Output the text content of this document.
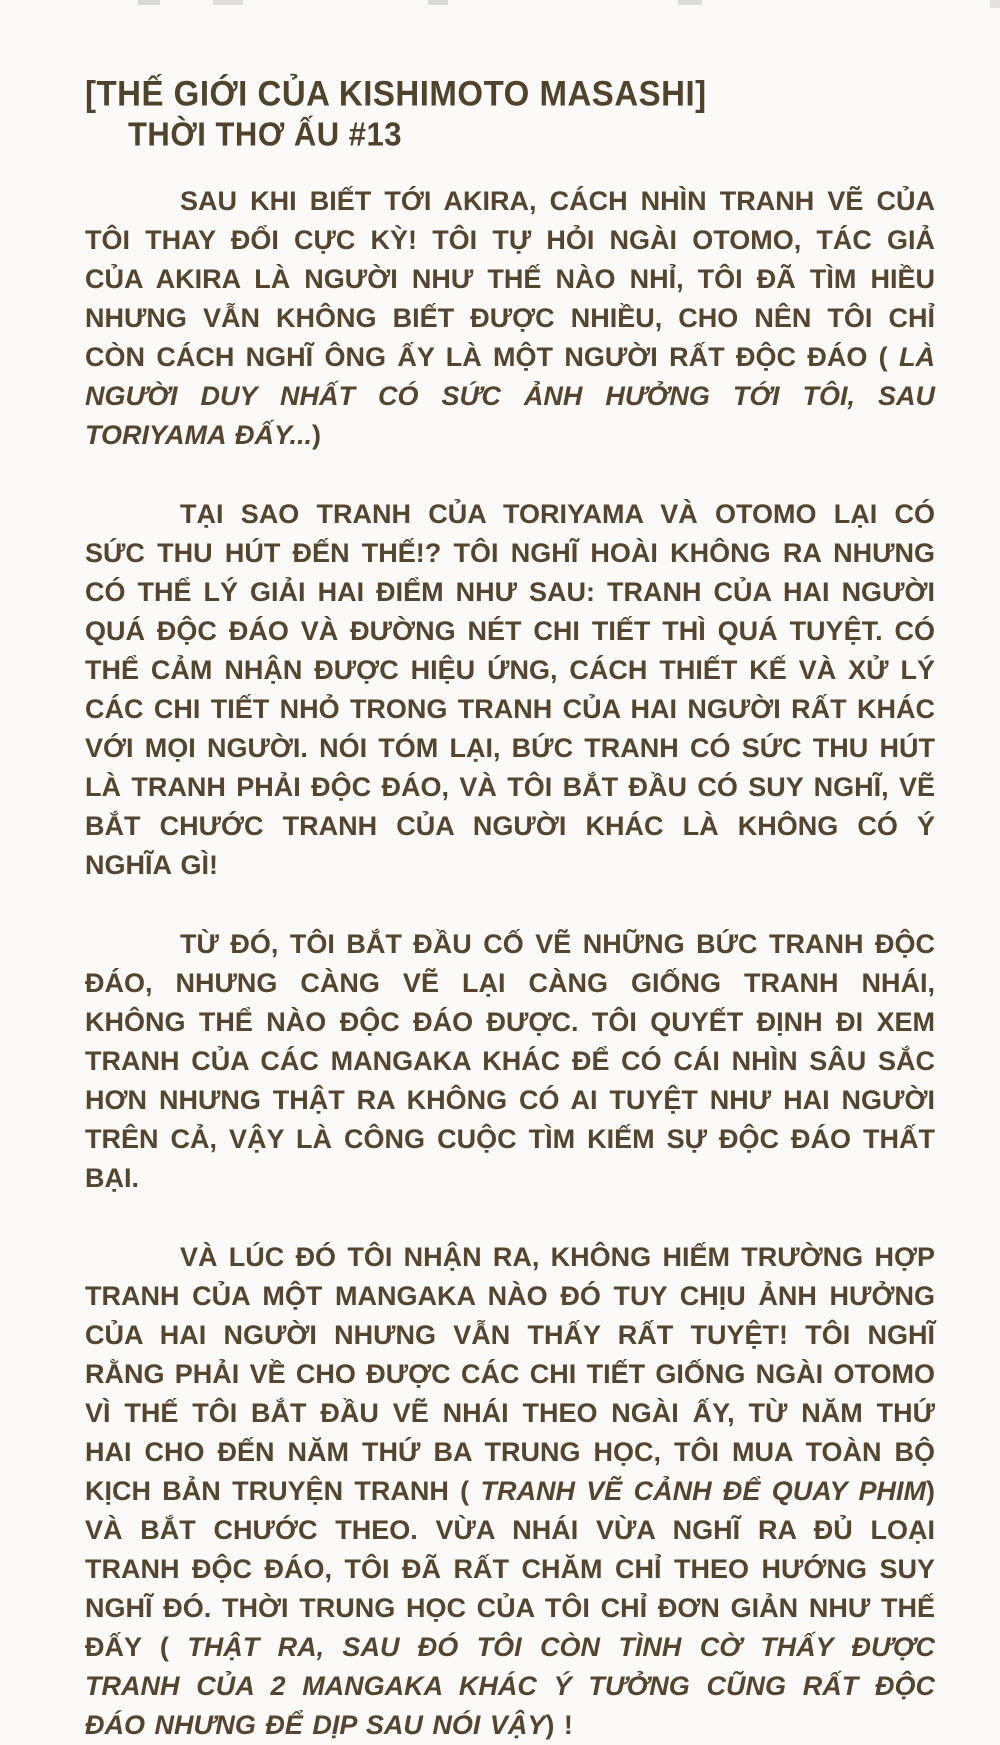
[THẾ GIỚI CỦA KISHIMOTO MASASHI]
THỜI THƠ ẤU #13

SAU KHI BIẾT TỚI AKIRA, CÁCH NHÌN TRANH VẼ CỦA TÔI THAY ĐỔI CỰC KỲ! TÔI TỰ HỎI NGÀI OTOMO, TÁC GIẢ CỦA AKIRA LÀ NGƯỜI NHƯ THẾ NÀO NHỈ, TÔI ĐÃ TÌM HIỀU NHƯNG VẪN KHÔNG BIẾT ĐƯỢC NHIỀU, CHO NÊN TÔI CHỈ CÒN CÁCH NGHĨ ÔNG ẤY LÀ MỘT NGƯỜI RẤT ĐỘC ĐÁO ( LÀ NGƯỜI DUY NHẤT CÓ SỨC ẢNH HƯỞNG TỚI TÔI, SAU TORIYAMA ĐẤY...)

TẠI SAO TRANH CỦA TORIYAMA VÀ OTOMO LẠI CÓ SỨC THU HÚT ĐẾN THẾ!? TÔI NGHĨ HOÀI KHÔNG RA NHƯNG CÓ THỂ LÝ GIẢI HAI ĐIỂM NHƯ SAU: TRANH CỦA HAI NGƯỜI QUÁ ĐỘC ĐÁO VÀ ĐƯỜNG NÉT CHI TIẾT THÌ QUÁ TUYỆT. CÓ THỂ CẢM NHẬN ĐƯỢC HIỆU ỨNG, CÁCH THIẾT KẾ VÀ XỬ LÝ CÁC CHI TIẾT NHỎ TRONG TRANH CỦA HAI NGƯỜI RẤT KHÁC VỚI MỌI NGƯỜI. NÓI TÓM LẠI, BỨC TRANH CÓ SỨC THU HÚT LÀ TRANH PHẢI ĐỘC ĐÁO, VÀ TÔI BẮT ĐẦU CÓ SUY NGHĨ, VẼ BẮT CHƯỚC TRANH CỦA NGƯỜI KHÁC LÀ KHÔNG CÓ Ý NGHĨA GÌ!

TỪ ĐÓ, TÔI BẮT ĐẦU CỐ VẼ NHỮNG BỨC TRANH ĐỘC ĐÁO, NHƯNG CÀNG VẼ LẠI CÀNG GIỐNG TRANH NHÁI, KHÔNG THỂ NÀO ĐỘC ĐÁO ĐƯỢC. TÔI QUYẾT ĐỊNH ĐI XEM TRANH CỦA CÁC MANGAKA KHÁC ĐỂ CÓ CÁI NHÌN SÂU SẮC HƠN NHƯNG THẬT RA KHÔNG CÓ AI TUYỆT NHƯ HAI NGƯỜI TRÊN CẢ, VẬY LÀ CÔNG CUỘC TÌM KIẾM SỰ ĐỘC ĐÁO THẤT BẠI.

VÀ LÚC ĐÓ TÔI NHẬN RA, KHÔNG HIẾM TRƯỜNG HỢP TRANH CỦA MỘT MANGAKA NÀO ĐÓ TUY CHỊU ẢNH HƯỞNG CỦA HAI NGƯỜI NHƯNG VẪN THẤY RẤT TUYỆT! TÔI NGHĨ RẰNG PHẢI VỀ CHO ĐƯỢC CÁC CHI TIẾT GIỐNG NGÀI OTOMO VÌ THẾ TÔI BẮT ĐẦU VẼ NHÁI THEO NGÀI ẤY, TỪ NĂM THỨ HAI CHO ĐẾN NĂM THỨ BA TRUNG HỌC, TÔI MUA TOÀN BỘ KỊCH BẢN TRUYỆN TRANH ( TRANH VẼ CẢNH ĐỂ QUAY PHIM) VÀ BẮT CHƯỚC THEO. VỪA NHÁI VỪA NGHĨ RA ĐỦ LOẠI TRANH ĐỘC ĐÁO, TÔI ĐÃ RẤT CHĂM CHỈ THEO HƯỚNG SUY NGHĨ ĐÓ. THỜI TRUNG HỌC CỦA TÔI CHỈ ĐƠN GIẢN NHƯ THẾ ĐẤY ( THẬT RA, SAU ĐÓ TÔI CÒN TÌNH CỜ THẤY ĐƯỢC TRANH CỦA 2 MANGAKA KHÁC Ý TƯỞNG CŨNG RẤT ĐỘC ĐÁO NHƯNG ĐỂ DỊP SAU NÓI VẬY) !
